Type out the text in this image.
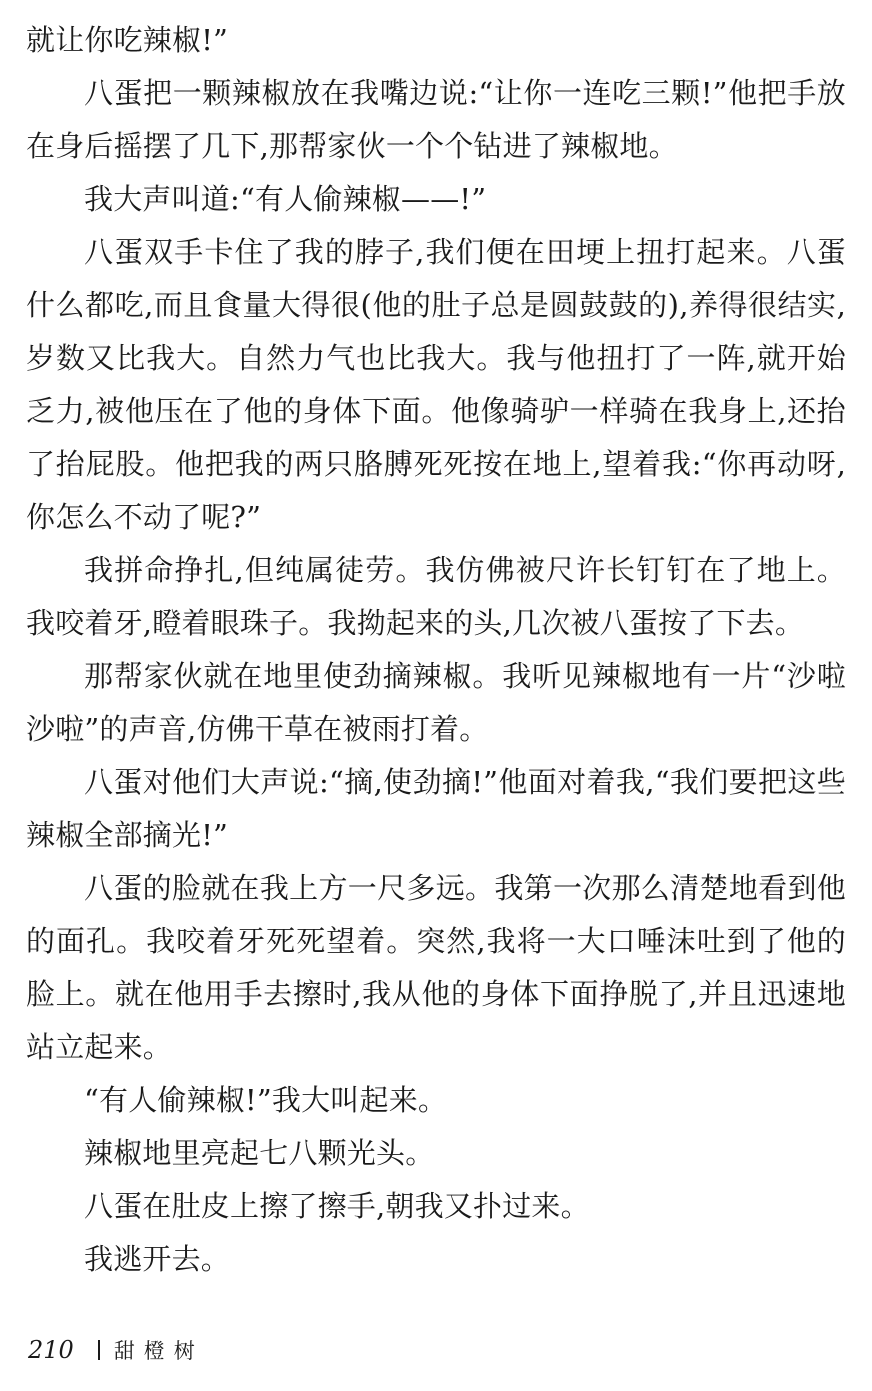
就让你吃辣椒!”

八蛋把一颗辣椒放在我嘴边说:“让你一连吃三颗!”他把手放在身后摇摆了几下,那帮家伙一个个钻进了辣椒地。

我大声叫道:“有人偷辣椒——!”

八蛋双手卡住了我的脖子,我们便在田埂上扭打起来。八蛋什么都吃,而且食量大得很(他的肚子总是圆鼓鼓的),养得很结实,岁数又比我大。自然力气也比我大。我与他扭打了一阵,就开始乏力,被他压在了他的身体下面。他像骑驴一样骑在我身上,还抬了抬屁股。他把我的两只胳膊死死按在地上,望着我:“你再动呀,你怎么不动了呢?”

我拼命挣扎,但纯属徒劳。我仿佛被尺许长钉钉在了地上。我咬着牙,瞪着眼珠子。我拗起来的头,几次被八蛋按了下去。

那帮家伙就在地里使劲摘辣椒。我听见辣椒地有一片“沙啦沙啦”的声音,仿佛干草在被雨打着。

八蛋对他们大声说:“摘,使劲摘!”他面对着我,“我们要把这些辣椒全部摘光!”

八蛋的脸就在我上方一尺多远。我第一次那么清楚地看到他的面孔。我咬着牙死死望着。突然,我将一大口唾沫吐到了他的脸上。就在他用手去擦时,我从他的身体下面挣脱了,并且迅速地站立起来。

“有人偷辣椒!”我大叫起来。

辣椒地里亮起七八颗光头。

八蛋在肚皮上擦了擦手,朝我又扑过来。

我逃开去。

210 甜橙树
